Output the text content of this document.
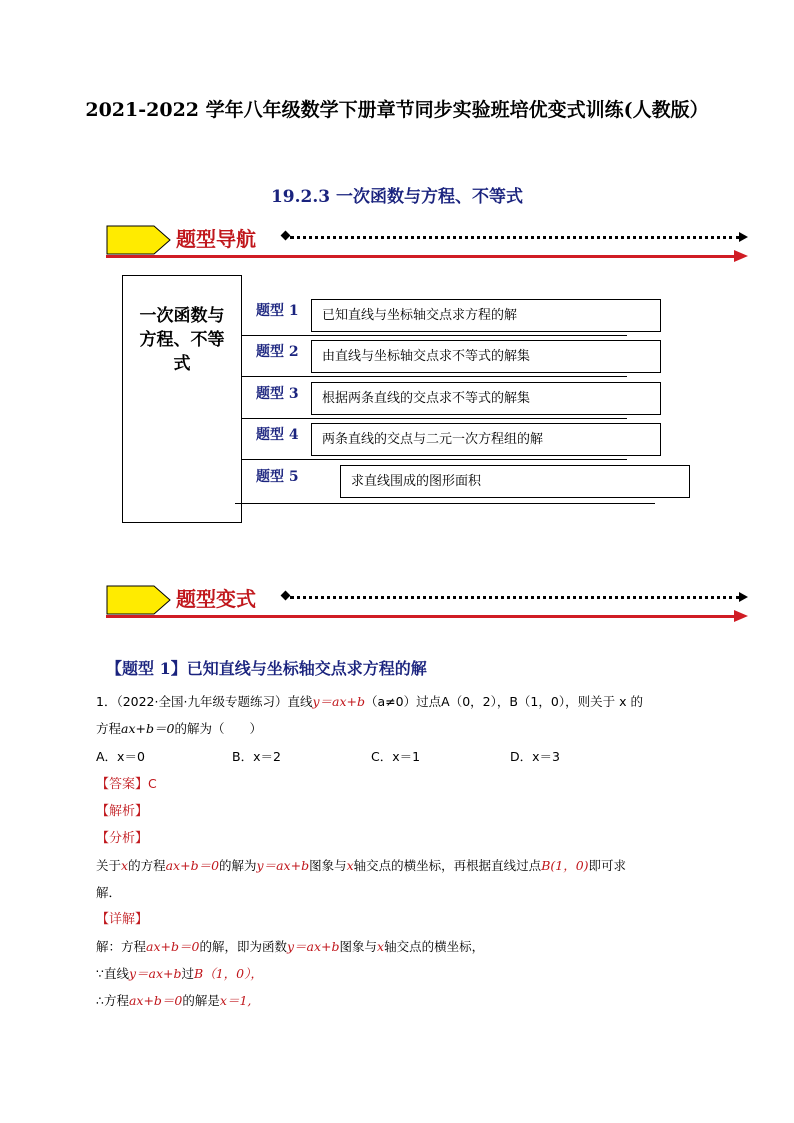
2021-2022 学年八年级数学下册章节同步实验班培优变式训练(人教版）
19.2.3 一次函数与方程、不等式
题型导航
一次函数与方程、不等式
题型 1	已知直线与坐标轴交点求方程的解
题型 2	由直线与坐标轴交点求不等式的解集
题型 3	根据两条直线的交点求不等式的解集
题型 4	两条直线的交点与二元一次方程组的解
题型 5	求直线围成的图形面积
题型变式
【题型 1】已知直线与坐标轴交点求方程的解
1．（2022·全国·九年级专题练习）直线y＝ax+b（a≠0）过点A（0，2），B（1，0），则关于 x 的
方程ax+b＝0的解为（　　）
A．x＝0	B．x＝2	C．x＝1	D．x＝3
【答案】C
【解析】
【分析】
关于x的方程ax+b＝0的解为y＝ax+b图象与x轴交点的横坐标，再根据直线过点B(1，0)即可求
解．
【详解】
解：方程ax+b＝0的解，即为函数y＝ax+b图象与x轴交点的横坐标，
∵直线y＝ax+b过B（1，0），
∴方程ax+b＝0的解是x＝1,
